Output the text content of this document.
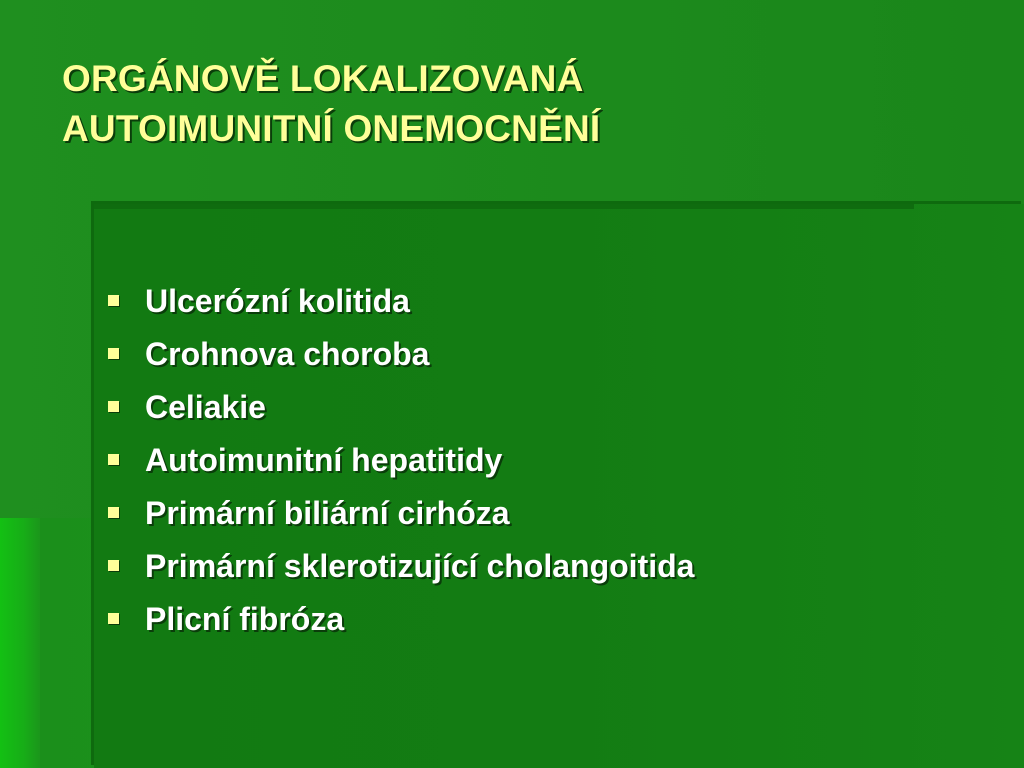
ORGÁNOVĚ LOKALIZOVANÁ
AUTOIMUNITNÍ ONEMOCNĚNÍ
Ulcerózní kolitida
Crohnova choroba
Celiakie
Autoimunitní hepatitidy
Primární biliární cirhóza
Primární sklerotizující cholangoitida
Plicní fibróza
